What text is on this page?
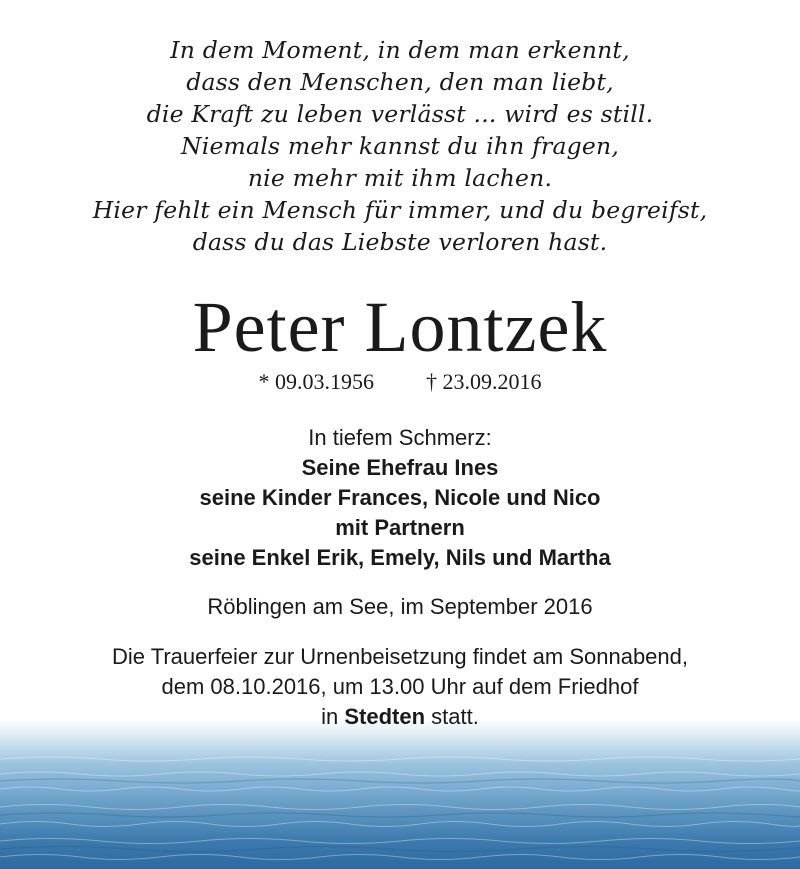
In dem Moment, in dem man erkennt,
dass den Menschen, den man liebt,
die Kraft zu leben verlässt ... wird es still.
Niemals mehr kannst du ihn fragen,
nie mehr mit ihm lachen.
Hier fehlt ein Mensch für immer, und du begreifst,
dass du das Liebste verloren hast.
Peter Lontzek
* 09.03.1956 † 23.09.2016
In tiefem Schmerz:
Seine Ehefrau Ines
seine Kinder Frances, Nicole und Nico
mit Partnern
seine Enkel Erik, Emely, Nils und Martha
Röblingen am See, im September 2016
Die Trauerfeier zur Urnenbeisetzung findet am Sonnabend,
dem 08.10.2016, um 13.00 Uhr auf dem Friedhof
in Stedten statt.
